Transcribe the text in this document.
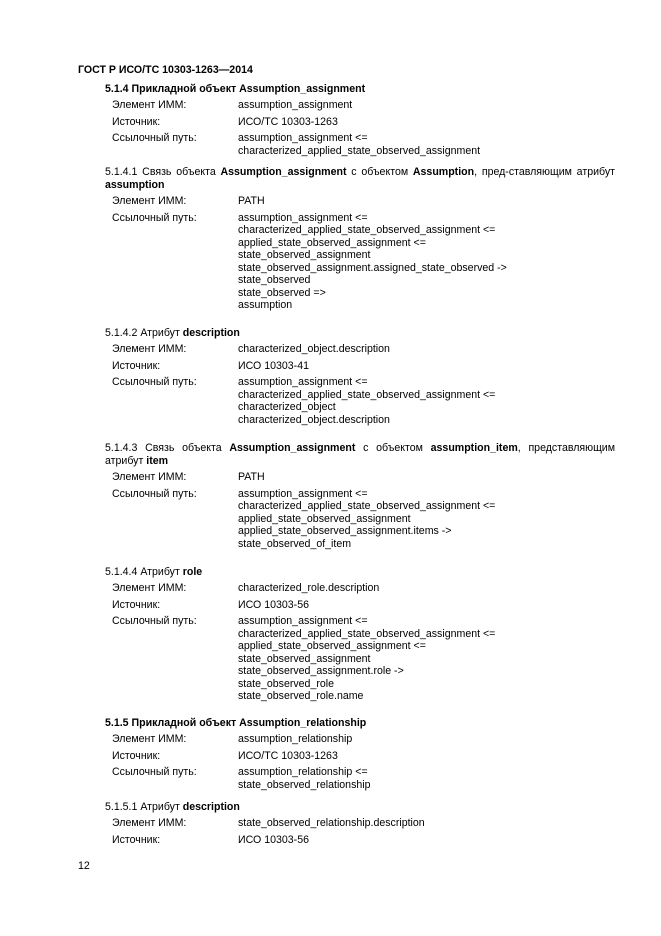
ГОСТ Р ИСО/ТС 10303-1263—2014
5.1.4 Прикладной объект Assumption_assignment
Элемент ИММ:	assumption_assignment
Источник:	ИСО/ТС 10303-1263
Ссылочный путь:	assumption_assignment <=
characterized_applied_state_observed_assignment
5.1.4.1 Связь объекта Assumption_assignment с объектом Assumption, пред-ставляющим атрибут assumption
Элемент ИММ:	PATH
Ссылочный путь:	assumption_assignment <=
characterized_applied_state_observed_assignment <=
applied_state_observed_assignment <=
state_observed_assignment
state_observed_assignment.assigned_state_observed ->
state_observed
state_observed =>
assumption
5.1.4.2 Атрибут description
Элемент ИММ:	characterized_object.description
Источник:	ИСО 10303-41
Ссылочный путь:	assumption_assignment <=
characterized_applied_state_observed_assignment <=
characterized_object
characterized_object.description
5.1.4.3 Связь объекта Assumption_assignment с объектом assumption_item, представляющим атрибут item
Элемент ИММ:	PATH
Ссылочный путь:	assumption_assignment <=
characterized_applied_state_observed_assignment <=
applied_state_observed_assignment
applied_state_observed_assignment.items ->
state_observed_of_item
5.1.4.4 Атрибут role
Элемент ИММ:	characterized_role.description
Источник:	ИСО 10303-56
Ссылочный путь:	assumption_assignment <=
characterized_applied_state_observed_assignment <=
applied_state_observed_assignment <=
state_observed_assignment
state_observed_assignment.role ->
state_observed_role
state_observed_role.name
5.1.5 Прикладной объект Assumption_relationship
Элемент ИММ:	assumption_relationship
Источник:	ИСО/ТС 10303-1263
Ссылочный путь:	assumption_relationship <=
state_observed_relationship
5.1.5.1 Атрибут description
Элемент ИММ:	state_observed_relationship.description
Источник:	ИСО 10303-56
12
